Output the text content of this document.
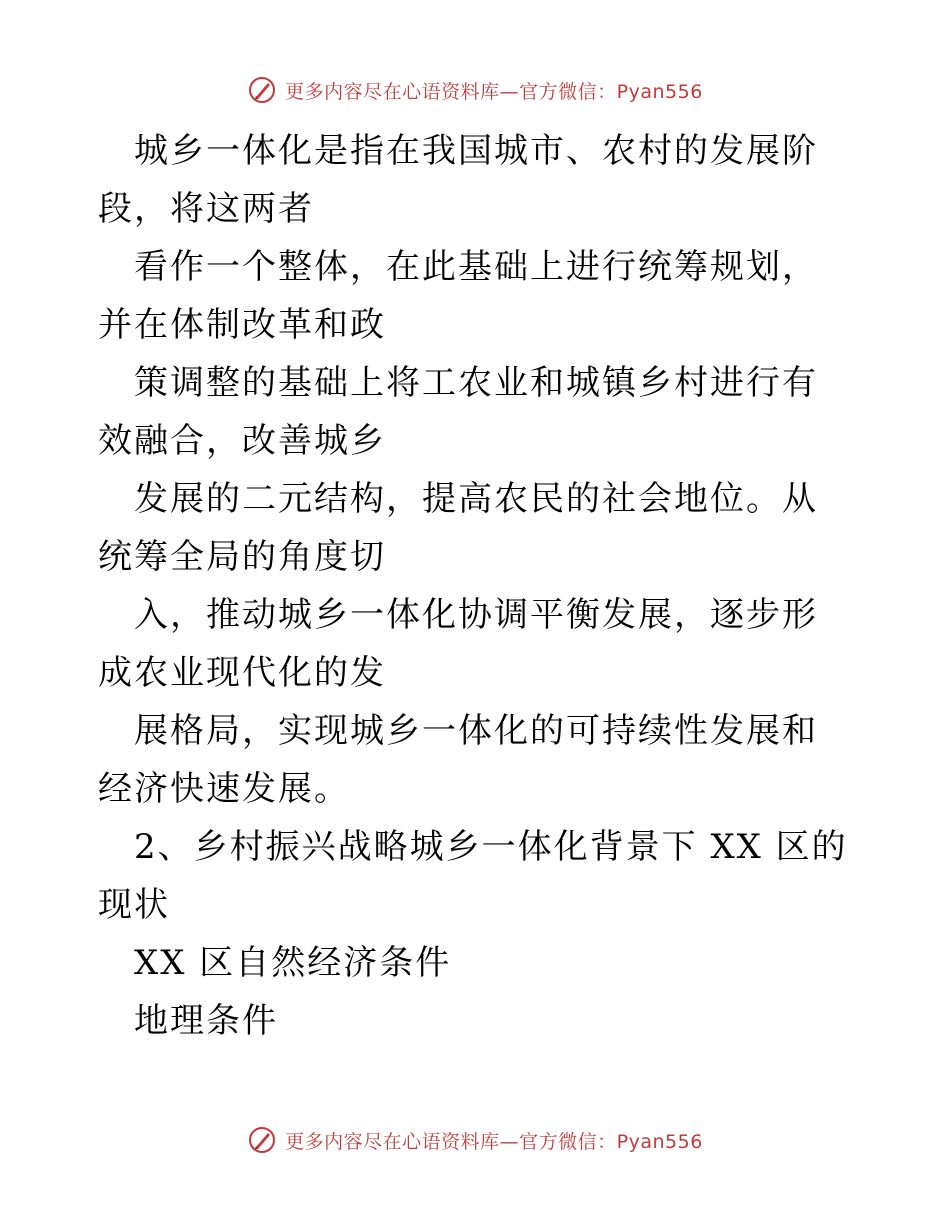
更多内容尽在心语资料库—官方微信：Pyan556

城乡一体化是指在我国城市、农村的发展阶段，将这两者

看作一个整体，在此基础上进行统筹规划，并在体制改革和政

策调整的基础上将工农业和城镇乡村进行有效融合，改善城乡

发展的二元结构，提高农民的社会地位。从统筹全局的角度切

入，推动城乡一体化协调平衡发展，逐步形成农业现代化的发

展格局，实现城乡一体化的可持续性发展和经济快速发展。

2、乡村振兴战略城乡一体化背景下 XX 区的现状

XX 区自然经济条件

地理条件

更多内容尽在心语资料库—官方微信：Pyan556
